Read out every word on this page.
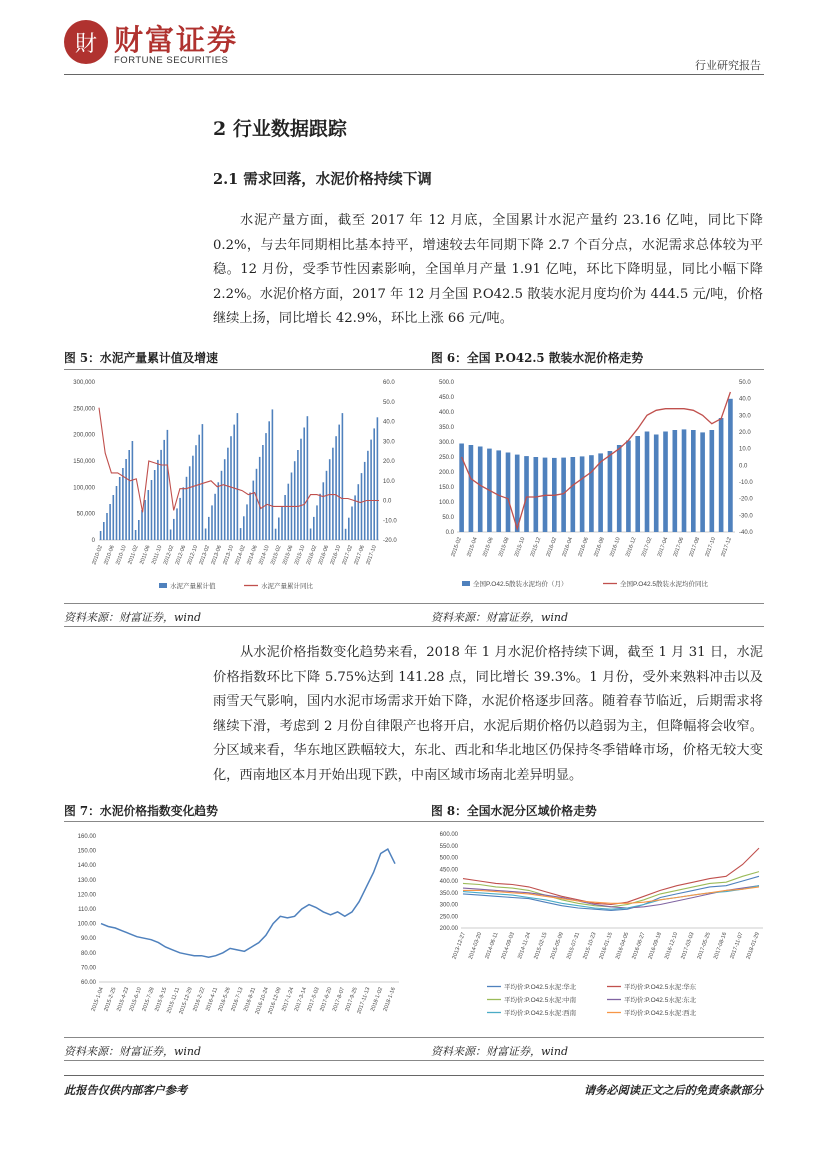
財 财富证券
FORTUNE SECURITIES	行业研究报告
2 行业数据跟踪
2.1 需求回落，水泥价格持续下调

水泥产量方面，截至 2017 年 12 月底，全国累计水泥产量约 23.16 亿吨，同比下降 0.2%，与去年同期相比基本持平，增速较去年同期下降 2.7 个百分点，水泥需求总体较为平稳。12 月份，受季节性因素影响，全国单月产量 1.91 亿吨，环比下降明显，同比小幅下降 2.2%。水泥价格方面，2017 年 12 月全国 P.O42.5 散装水泥月度均价为 444.5 元/吨，价格继续上扬，同比增长 42.9%，环比上涨 66 元/吨。

图 5：水泥产量累计值及增速	图 6：全国 P.O42.5 散装水泥价格走势
300,000
250,000
200,000
150,000
100,000
50,000
0
60.0
50.0
40.0
30.0
20.0
10.0
0.0
-10.0
-20.0
2010-02 2010-06 2010-10 2011-02 2011-06 2011-10 2012-02 2012-06 2012-10 2013-02 2013-06 2013-10 2014-02 2014-06 2014-10 2015-02 2015-06 2015-10 2016-02 2016-06 2016-10 2017-02 2017-06 2017-10
水泥产量累计值	水泥产量累计同比
500.0
450.0
400.0
350.0
300.0
250.0
200.0
150.0
100.0
50.0
0.0
50.0
40.0
30.0
20.0
10.0
0.0
-10.0
-20.0
-30.0
-40.0
2015-02 2015-04 2015-06 2015-08 2015-10 2015-12 2016-02 2016-04 2016-06 2016-08 2016-10 2016-12 2017-02 2017-04 2017-06 2017-08 2017-10 2017-12
全国P.O42.5散装水泥均价（月）	全国P.O42.5散装水泥均价同比
资料来源：财富证券，wind	资料来源：财富证券，wind

从水泥价格指数变化趋势来看，2018 年 1 月水泥价格持续下调，截至 1 月 31 日，水泥价格指数环比下降 5.75%达到 141.28 点，同比增长 39.3%。1 月份，受外来熟料冲击以及雨雪天气影响，国内水泥市场需求开始下降，水泥价格逐步回落。随着春节临近，后期需求将继续下滑，考虑到 2 月份自律限产也将开启，水泥后期价格仍以趋弱为主，但降幅将会收窄。分区域来看，华东地区跌幅较大，东北、西北和华北地区仍保持冬季错峰市场，价格无较大变化，西南地区本月开始出现下跌，中南区域市场南北差异明显。

图 7：水泥价格指数变化趋势	图 8：全国水泥分区域价格走势
160.00
150.00
140.00
130.00
120.00
110.00
100.00
90.00
80.00
70.00
60.00
2015-1-04
2015-2-25
2015-4-23
2015-6-10
2015-7-28
2015-9-15
2015-11-11
2015-12-29
2016-2-22
2016-4-11
2016-5-26
2016-7-13
2016-8-31
2016-10-24
2016-12-09
2017-1-24
2017-3-14
2017-5-03
2017-6-20
2017-8-07
2017-9-25
2017-11-13
2018-1-02
2018-1-16
600.00
550.00
500.00
450.00
400.00
350.00
300.00
250.00
200.00
2013-12-27 2014-03-20 2014-06-11 2014-09-03 2014-11-24 2015-02-15 2015-05-09 2015-07-31 2015-10-23 2016-01-15 2016-04-05 2016-06-27 2016-09-18 2016-12-10 2017-03-03 2017-05-25 2017-08-16 2017-11-07 2018-01-29
平均价:P.O42.5水泥:华北	平均价:P.O42.5水泥:华东
平均价:P.O42.5水泥:中南	平均价:P.O42.5水泥:东北
平均价:P.O42.5水泥:西南	平均价:P.O42.5水泥:西北
资料来源：财富证券，wind	资料来源：财富证券，wind
此报告仅供内部客户参考	请务必阅读正文之后的免责条款部分
